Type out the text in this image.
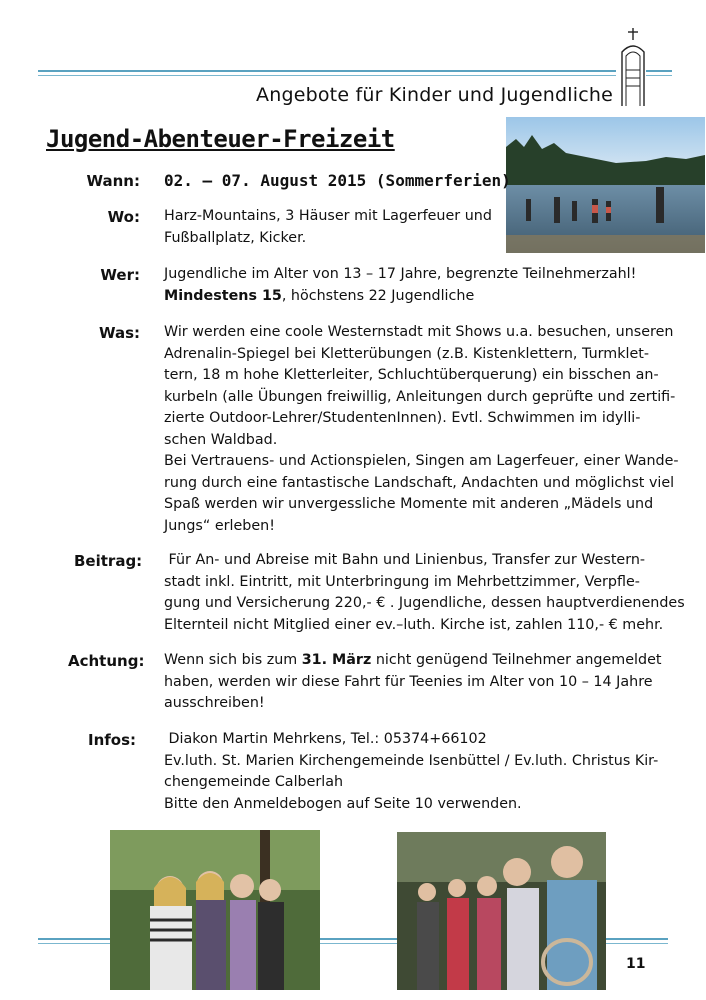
Angebote für Kinder und Jugendliche
Jugend-Abenteuer-Freizeit
Wann: 02. – 07. August 2015 (Sommerferien)
Wo: Harz-Mountains, 3 Häuser mit Lagerfeuer und
Fußballplatz, Kicker.
Wer: Jugendliche im Alter von 13 – 17 Jahre, begrenzte Teilnehmerzahl!
Mindestens 15, höchstens 22 Jugendliche
Was: Wir werden eine coole Westernstadt mit Shows u.a. besuchen, unseren
Adrenalin-Spiegel bei Kletterübungen (z.B. Kistenklettern, Turmklet-
tern, 18 m hohe Kletterleiter, Schluchtüberquerung) ein bisschen an-
kurbeln (alle Übungen freiwillig, Anleitungen durch geprüfte und zertifi-
zierte Outdoor-Lehrer/StudentenInnen). Evtl. Schwimmen im idylli-
schen Waldbad.
Bei Vertrauens- und Actionspielen, Singen am Lagerfeuer, einer Wande-
rung durch eine fantastische Landschaft, Andachten und möglichst viel
Spaß werden wir unvergessliche Momente mit anderen „Mädels und
Jungs“ erleben!
Beitrag:	Für An- und Abreise mit Bahn und Linienbus, Transfer zur Western-
stadt inkl. Eintritt, mit Unterbringung im Mehrbettzimmer, Verpfle-
gung und Versicherung 220,- € . Jugendliche, dessen hauptverdienendes
Elternteil nicht Mitglied einer ev.–luth. Kirche ist, zahlen 110,- € mehr.
Achtung:	Wenn sich bis zum 31. März nicht genügend Teilnehmer angemeldet
haben, werden wir diese Fahrt für Teenies im Alter von 10 – 14 Jahre
ausschreiben!
Infos:	Diakon Martin Mehrkens, Tel.: 05374+66102
Ev.luth. St. Marien Kirchengemeinde Isenbüttel / Ev.luth. Christus Kir-
chengemeinde Calberlah
Bitte den Anmeldebogen auf Seite 10 verwenden.
11
